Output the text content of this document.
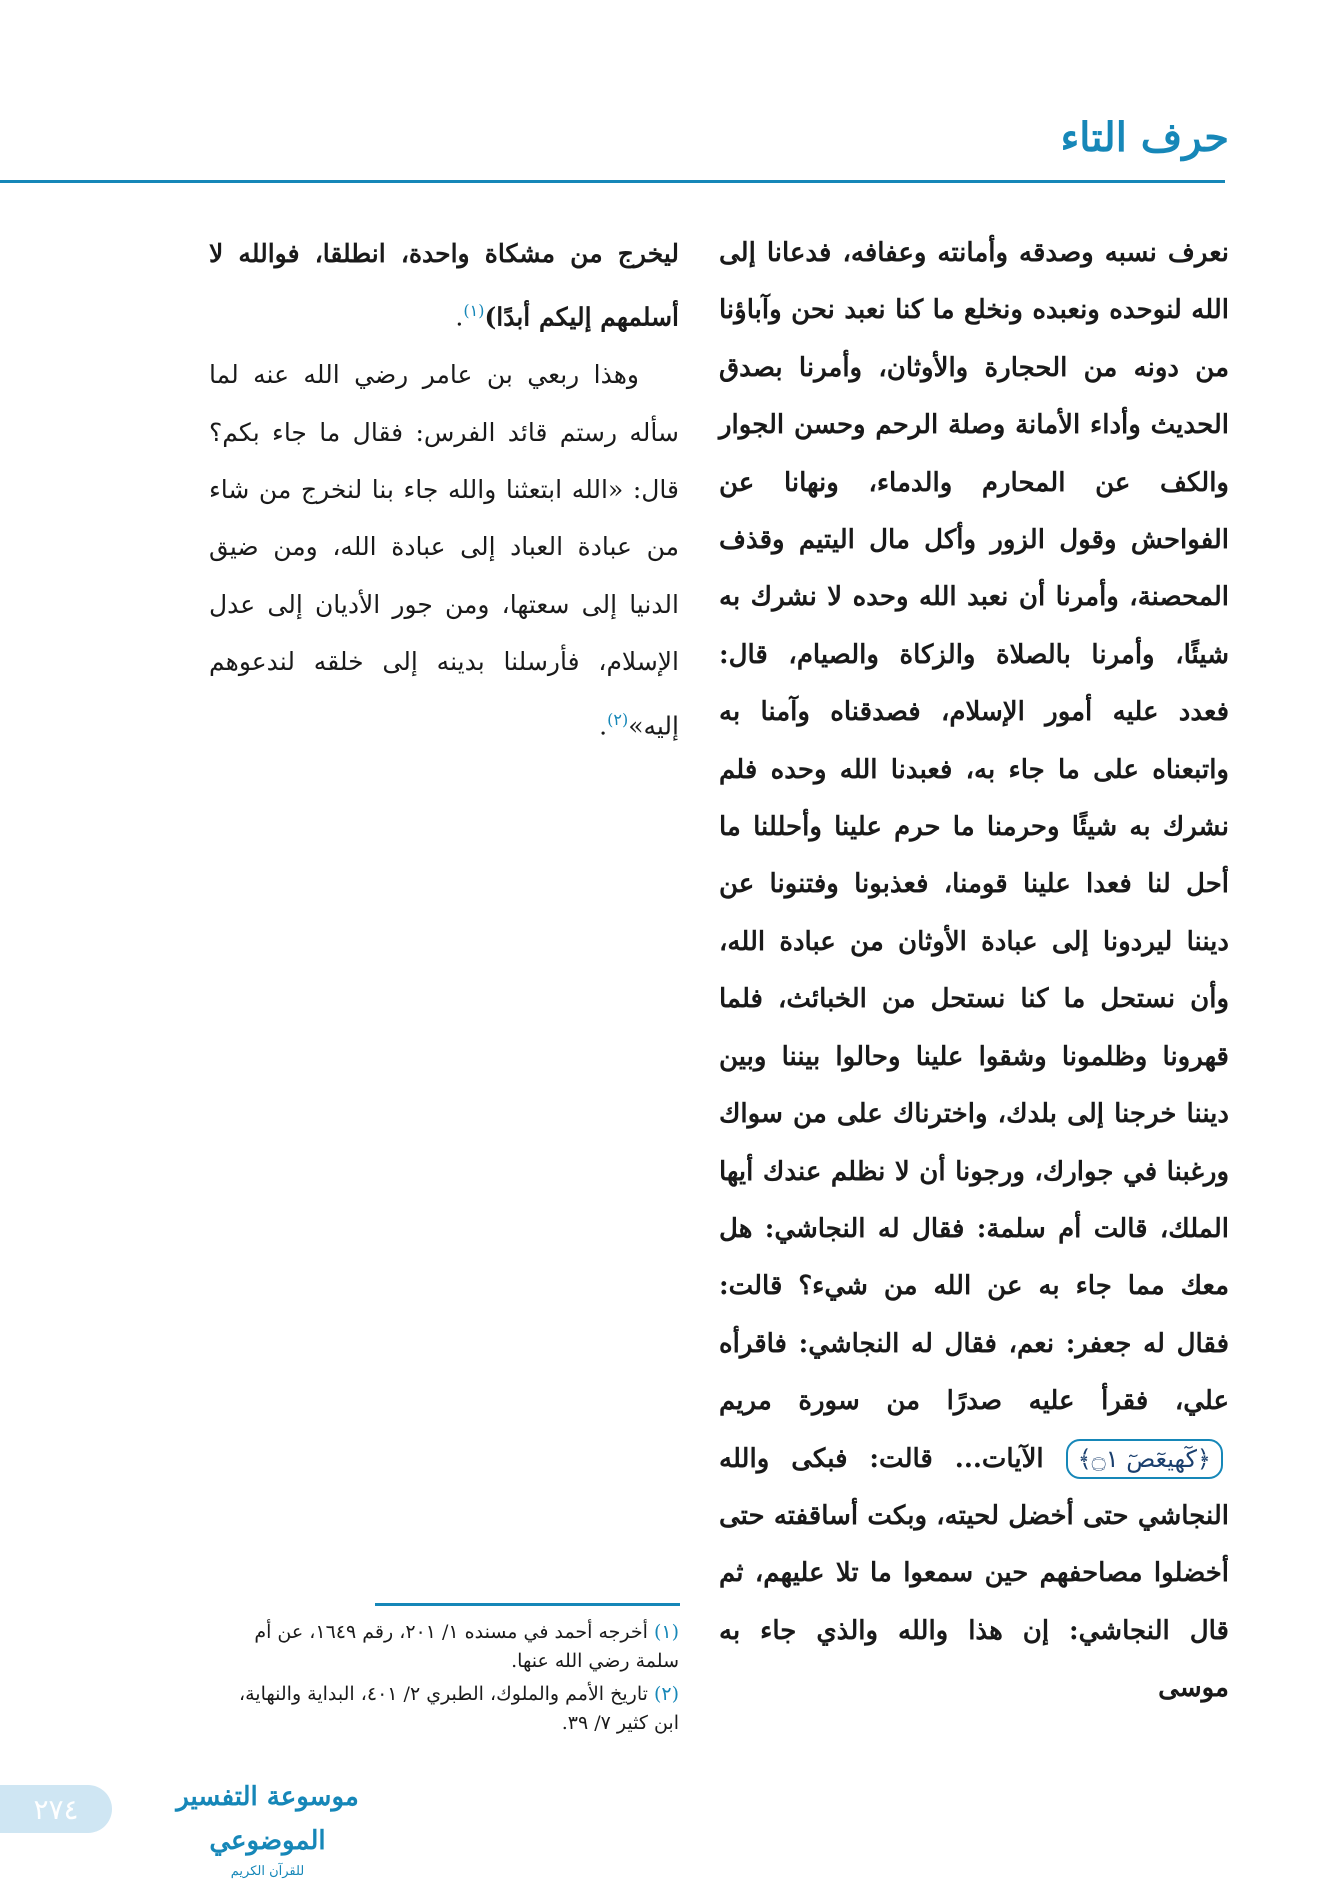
حرف التاء

نعرف نسبه وصدقه وأمانته وعفافه، فدعانا إلى الله لنوحده ونعبده ونخلع ما كنا نعبد نحن وآباؤنا من دونه من الحجارة والأوثان، وأمرنا بصدق الحديث وأداء الأمانة وصلة الرحم وحسن الجوار والكف عن المحارم والدماء، ونهانا عن الفواحش وقول الزور وأكل مال اليتيم وقذف المحصنة، وأمرنا أن نعبد الله وحده لا نشرك به شيئًا، وأمرنا بالصلاة والزكاة والصيام، قال: فعدد عليه أمور الإسلام، فصدقناه وآمنا به واتبعناه على ما جاء به، فعبدنا الله وحده فلم نشرك به شيئًا وحرمنا ما حرم علينا وأحللنا ما أحل لنا فعدا علينا قومنا، فعذبونا وفتنونا عن ديننا ليردونا إلى عبادة الأوثان من عبادة الله، وأن نستحل ما كنا نستحل من الخبائث، فلما قهرونا وظلمونا وشقوا علينا وحالوا بيننا وبين ديننا خرجنا إلى بلدك، واخترناك على من سواك ورغبنا في جوارك، ورجونا أن لا نظلم عندك أيها الملك، قالت أم سلمة: فقال له النجاشي: هل معك مما جاء به عن الله من شيء؟ قالت: فقال له جعفر: نعم، فقال له النجاشي: فاقرأه علي، فقرأ عليه صدرًا من سورة مريم ﴿كٓهيعٓصٓ ۝١﴾ الآيات... قالت: فبكى والله النجاشي حتى أخضل لحيته، وبكت أساقفته حتى أخضلوا مصاحفهم حين سمعوا ما تلا عليهم، ثم قال النجاشي: إن هذا والله والذي جاء به موسى

ليخرج من مشكاة واحدة، انطلقا، فوالله لا أسلمهم إليكم أبدًا)$^{(١)}$.

وهذا ربعي بن عامر رضي الله عنه لما سأله رستم قائد الفرس: فقال ما جاء بكم؟ قال: «الله ابتعثنا والله جاء بنا لنخرج من شاء من عبادة العباد إلى عبادة الله، ومن ضيق الدنيا إلى سعتها، ومن جور الأديان إلى عدل الإسلام، فأرسلنا بدينه إلى خلقه لندعوهم إليه»$^{(٢)}$.

(١)أخرجه أحمد في مسنده ١/ ٢٠١، رقم ١٦٤٩، عن أم سلمة رضي الله عنها.
(٢)تاريخ الأمم والملوك، الطبري ٢/ ٤٠١، البداية والنهاية، ابن كثير ٧/ ٣٩.
٢٧٤	موسوعة التفسير الموضوعي
للقرآن الكريم
